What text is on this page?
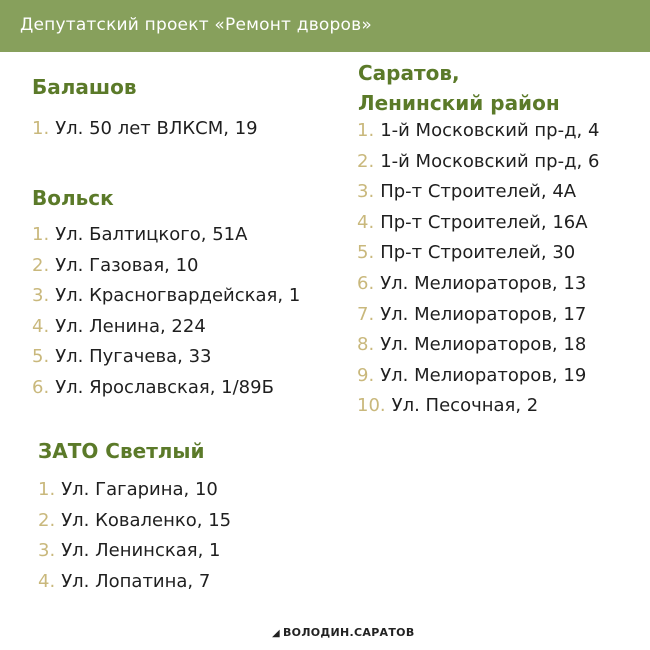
Депутатский проект «Ремонт дворов»
Балашов
1. Ул. 50 лет ВЛКСМ, 19
Вольск
1. Ул. Балтицкого, 51А
2. Ул. Газовая, 10
3. Ул. Красногвардейская, 1
4. Ул. Ленина, 224
5. Ул. Пугачева, 33
6. Ул. Ярославская, 1/89Б
ЗАТО Светлый
1. Ул. Гагарина, 10
2. Ул. Коваленко, 15
3. Ул. Ленинская, 1
4. Ул. Лопатина, 7
Саратов,
Ленинский район
1. 1-й Московский пр-д, 4
2. 1-й Московский пр-д, 6
3. Пр-т Строителей, 4А
4. Пр-т Строителей, 16А
5. Пр-т Строителей, 30
6. Ул. Мелиораторов, 13
7. Ул. Мелиораторов, 17
8. Ул. Мелиораторов, 18
9. Ул. Мелиораторов, 19
10. Ул. Песочная, 2
◢ ВОЛОДИН.САРАТОВ
